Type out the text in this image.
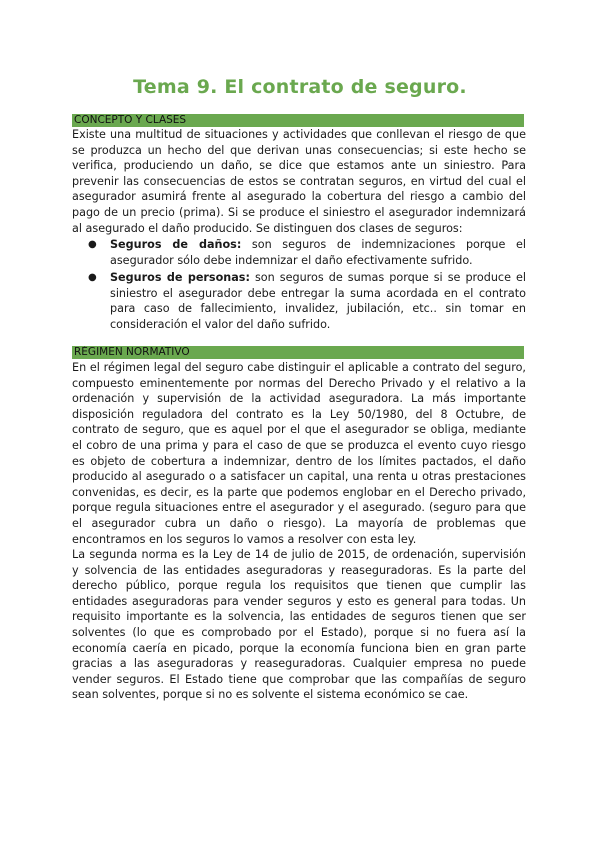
Tema 9. El contrato de seguro.
CONCEPTO Y CLASES

Existe una multitud de situaciones y actividades que conllevan el riesgo de que se produzca un hecho del que derivan unas consecuencias; si este hecho se verifica, produciendo un daño, se dice que estamos ante un siniestro. Para prevenir las consecuencias de estos se contratan seguros, en virtud del cual el asegurador asumirá frente al asegurado la cobertura del riesgo a cambio del pago de un precio (prima). Si se produce el siniestro el asegurador indemnizará al asegurado el daño producido. Se distinguen dos clases de seguros:

● Seguros de daños: son seguros de indemnizaciones porque el asegurador sólo debe indemnizar el daño efectivamente sufrido.
● Seguros de personas: son seguros de sumas porque si se produce el siniestro el asegurador debe entregar la suma acordada en el contrato para caso de fallecimiento, invalidez, jubilación, etc.. sin tomar en consideración el valor del daño sufrido.
RÉGIMEN NORMATIVO

En el régimen legal del seguro cabe distinguir el aplicable a contrato del seguro, compuesto eminentemente por normas del Derecho Privado y el relativo a la ordenación y supervisión de la actividad aseguradora. La más importante disposición reguladora del contrato es la Ley 50/1980, del 8 Octubre, de contrato de seguro, que es aquel por el que el asegurador se obliga, mediante el cobro de una prima y para el caso de que se produzca el evento cuyo riesgo es objeto de cobertura a indemnizar, dentro de los límites pactados, el daño producido al asegurado o a satisfacer un capital, una renta u otras prestaciones convenidas, es decir, es la parte que podemos englobar en el Derecho privado, porque regula situaciones entre el asegurador y el asegurado. (seguro para que el asegurador cubra un daño o riesgo). La mayoría de problemas que encontramos en los seguros lo vamos a resolver con esta ley.

La segunda norma es la Ley de 14 de julio de 2015, de ordenación, supervisión y solvencia de las entidades aseguradoras y reaseguradoras. Es la parte del derecho público, porque regula los requisitos que tienen que cumplir las entidades aseguradoras para vender seguros y esto es general para todas. Un requisito importante es la solvencia, las entidades de seguros tienen que ser solventes (lo que es comprobado por el Estado), porque si no fuera así la economía caería en picado, porque la economía funciona bien en gran parte gracias a las aseguradoras y reaseguradoras. Cualquier empresa no puede vender seguros. El Estado tiene que comprobar que las compañías de seguro sean solventes, porque si no es solvente el sistema económico se cae.
